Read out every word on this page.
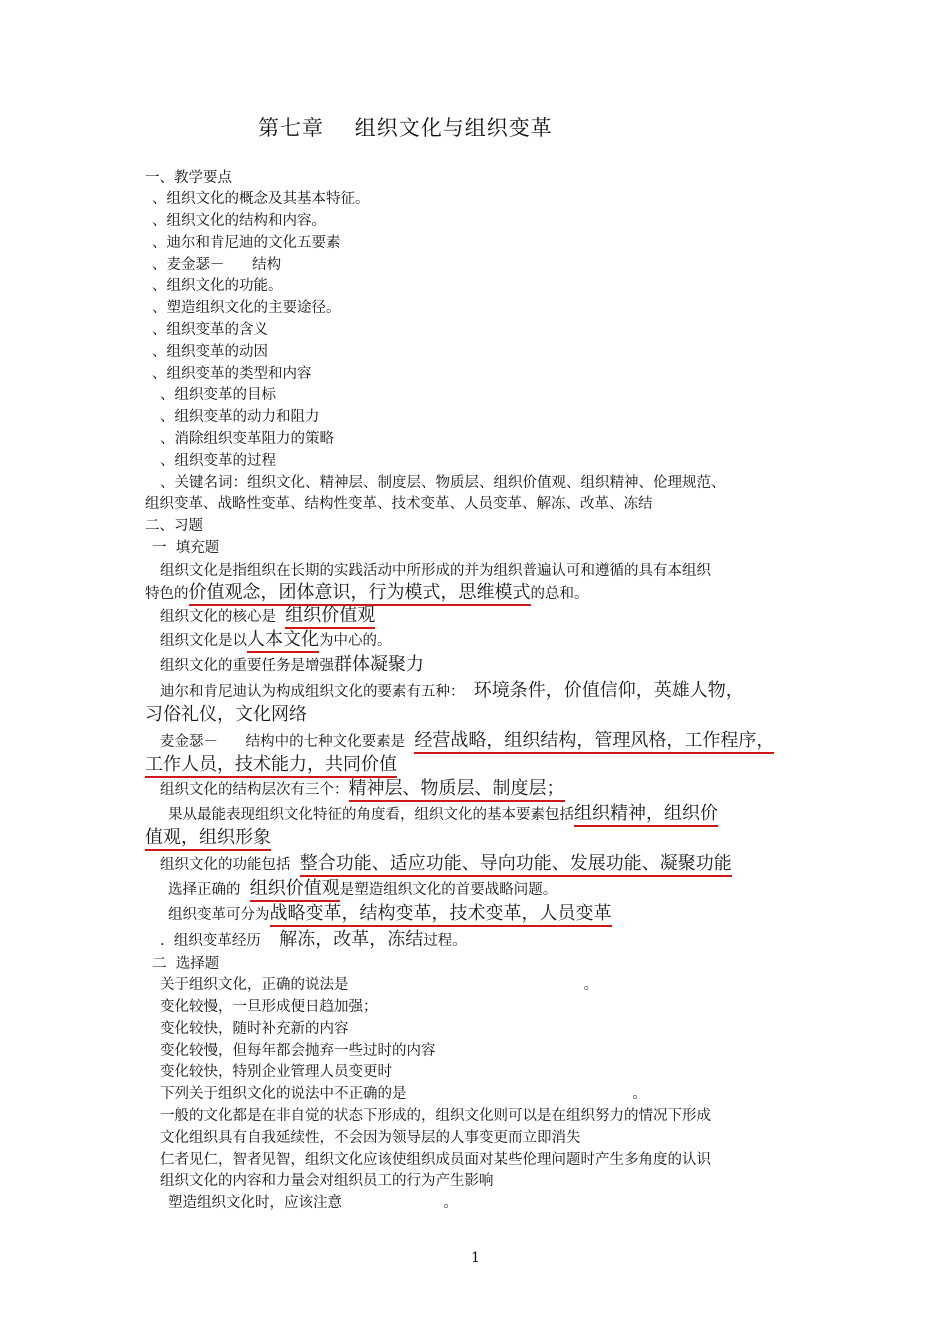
第七章    组织文化与组织变革
一、教学要点
、组织文化的概念及其基本特征。
、组织文化的结构和内容。
、迪尔和肯尼迪的文化五要素
、麦金瑟－      结构
、组织文化的功能。
、塑造组织文化的主要途径。
、组织变革的含义
、组织变革的动因
、组织变革的类型和内容
、组织变革的目标
、组织变革的动力和阻力
、消除组织变革阻力的策略
、组织变革的过程
、关键名词：组织文化、精神层、制度层、物质层、组织价值观、组织精神、伦理规范、
组织变革、战略性变革、结构性变革、技术变革、人员变革、解冻、改革、冻结
二、习题
一  填充题
组织文化是指组织在长期的实践活动中所形成的并为组织普遍认可和遵循的具有本组织
特色的价值观念，团体意识，行为模式，思维模式的总和。
组织文化的核心是  组织价值观
组织文化是以人本文化为中心的。
组织文化的重要任务是增强群体凝聚力
迪尔和肯尼迪认为构成组织文化的要素有五种：  环境条件，价值信仰，英雄人物，
习俗礼仪，文化网络
麦金瑟－      结构中的七种文化要素是  经营战略，组织结构，管理风格，工作程序，
工作人员，技术能力，共同价值
组织文化的结构层次有三个：精神层、物质层、制度层；
果从最能表现组织文化特征的角度看，组织文化的基本要素包括组织精神，组织价
值观，组织形象
组织文化的功能包括  整合功能、适应功能、导向功能、发展功能、凝聚功能
选择正确的  组织价值观是塑造组织文化的首要战略问题。
组织变革可分为战略变革，结构变革，技术变革，人员变革
.  组织变革经历    解冻，改革，冻结过程。
二  选择题
关于组织文化，正确的说法是                                                   。
变化较慢，一旦形成便日趋加强；
变化较快，随时补充新的内容
变化较慢，但每年都会抛弃一些过时的内容
变化较快，特别企业管理人员变更时
下列关于组织文化的说法中不正确的是                                                 。
一般的文化都是在非自觉的状态下形成的，组织文化则可以是在组织努力的情况下形成
文化组织具有自我延续性，不会因为领导层的人事变更而立即消失
仁者见仁，智者见智，组织文化应该使组织成员面对某些伦理问题时产生多角度的认识
组织文化的内容和力量会对组织员工的行为产生影响
塑造组织文化时，应该注意                      。
1
